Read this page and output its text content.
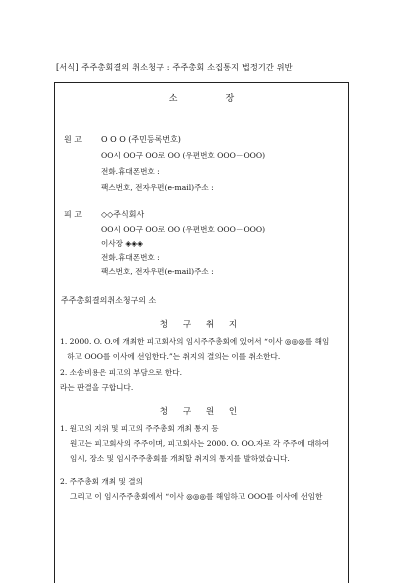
[서식] 주주총회결의 취소청구 : 주주총회 소집통지 법정기간 위반
소	장
원 고 O O O (주민등록번호)
OO시 OO구 OO로 OO (우편번호 OOO－OOO)
전화.휴대폰번호 :
팩스번호, 전자우편(e-mail)주소 :
피 고 ◇◇주식회사
OO시 OO구 OO로 OO (우편번호 OOO－OOO)
이사장 ◈◈◈
전화.휴대폰번호 :
팩스번호, 전자우편(e-mail)주소 :
주주총회결의취소청구의 소
청 구 취 지
1. 2000. O. O.에 개최한 피고회사의 임시주주총회에 있어서 “이사 ◎◎◎를 해임
하고 OOO를 이사에 선임한다.”는 취지의 결의는 이를 취소한다.
2. 소송비용은 피고의 부담으로 한다.
라는 판결을 구합니다.
청 구 원 인
1. 원고의 지위 및 피고의 주주총회 개최 통지 등
원고는 피고회사의 주주이며, 피고회사는 2000. O. OO.자로 각 주주에 대하여
임시, 장소 및 임시주주총회를 개최할 취지의 통지를 발하였습니다.
2. 주주총회 개최 및 결의
그리고 이 임시주주총회에서 “이사 ◎◎◎를 해임하고 OOO를 이사에 선임한
